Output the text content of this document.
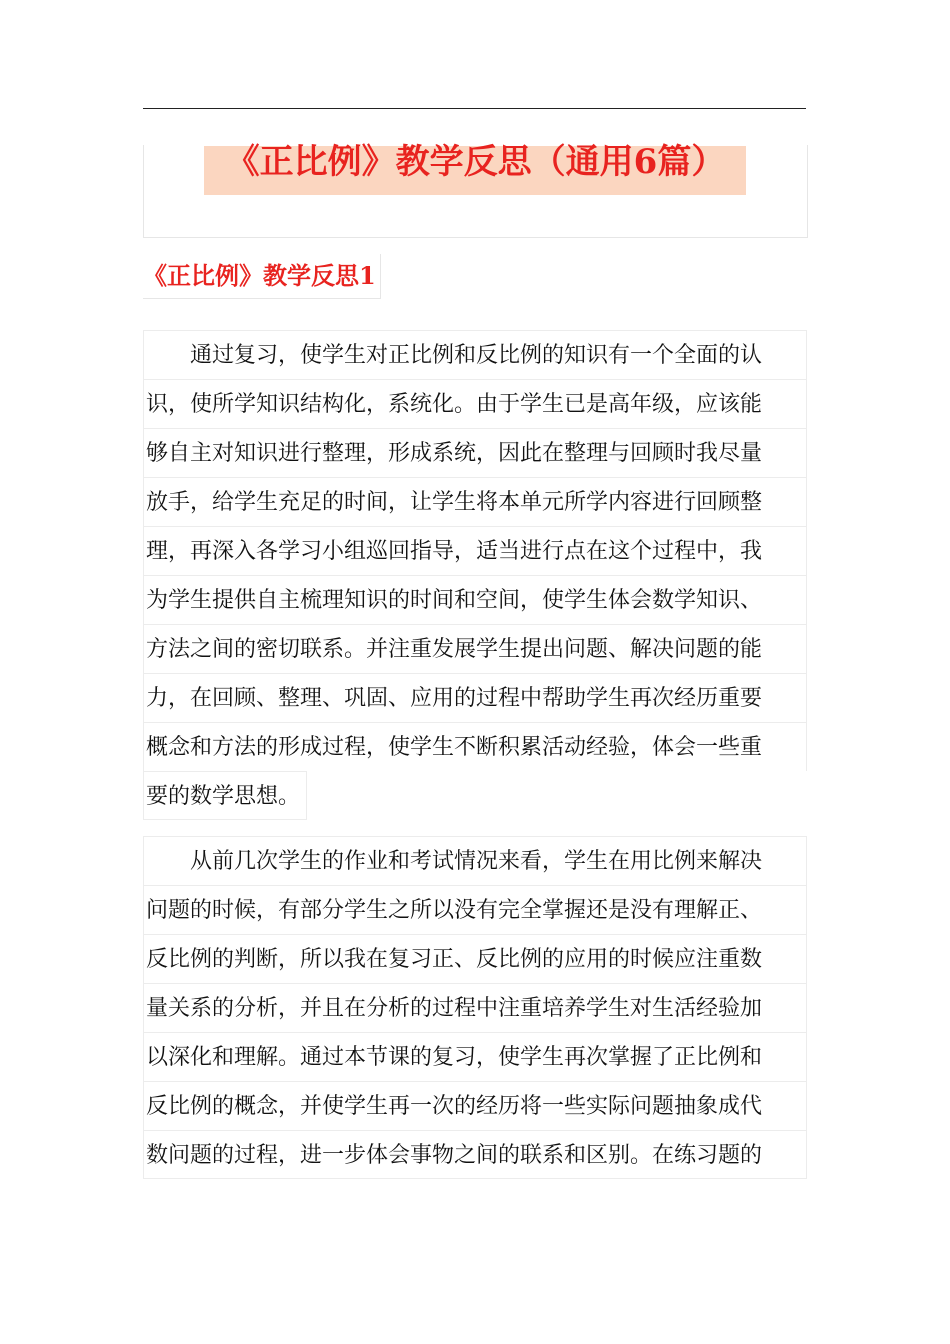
《正比例》教学反思（通用6篇）
《正比例》教学反思1
通过复习，使学生对正比例和反比例的知识有一个全面的认
识，使所学知识结构化，系统化。由于学生已是高年级，应该能
够自主对知识进行整理，形成系统，因此在整理与回顾时我尽量
放手，给学生充足的时间，让学生将本单元所学内容进行回顾整
理，再深入各学习小组巡回指导，适当进行点在这个过程中，我
为学生提供自主梳理知识的时间和空间，使学生体会数学知识、
方法之间的密切联系。并注重发展学生提出问题、解决问题的能
力，在回顾、整理、巩固、应用的过程中帮助学生再次经历重要
概念和方法的形成过程，使学生不断积累活动经验，体会一些重
要的数学思想。
从前几次学生的作业和考试情况来看，学生在用比例来解决
问题的时候，有部分学生之所以没有完全掌握还是没有理解正、
反比例的判断，所以我在复习正、反比例的应用的时候应注重数
量关系的分析，并且在分析的过程中注重培养学生对生活经验加
以深化和理解。通过本节课的复习，使学生再次掌握了正比例和
反比例的概念，并使学生再一次的经历将一些实际问题抽象成代
数问题的过程，进一步体会事物之间的联系和区别。在练习题的
